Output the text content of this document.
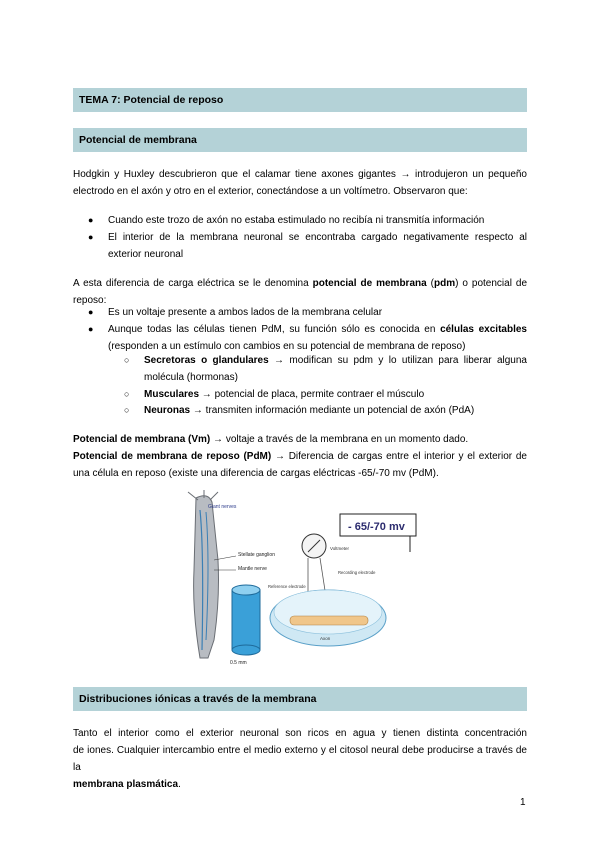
TEMA 7: Potencial de reposo
Potencial de membrana
Hodgkin y Huxley descubrieron que el calamar tiene axones gigantes → introdujeron un pequeño
electrodo en el axón y otro en el exterior, conectándose a un voltímetro. Observaron que:
● Cuando este trozo de axón no estaba estimulado no recibía ni transmitía información
● El interior de la membrana neuronal se encontraba cargado negativamente respecto al
exterior neuronal
A esta diferencia de carga eléctrica se le denomina potencial de membrana (pdm) o potencial de
reposo:
● Es un voltaje presente a ambos lados de la membrana celular
● Aunque todas las células tienen PdM, su función sólo es conocida en células excitables
(responden a un estímulo con cambios en su potencial de membrana de reposo)
○ Secretoras o glandulares → modifican su pdm y lo utilizan para liberar alguna
molécula (hormonas)
○ Musculares → potencial de placa, permite contraer el músculo
○ Neuronas → transmiten información mediante un potencial de axón (PdA)
Potencial de membrana (Vm) → voltaje a través de la membrana en un momento dado.
Potencial de membrana de reposo (PdM) → Diferencia de cargas entre el interior y el exterior de
una célula en reposo (existe una diferencia de cargas eléctricas -65/-70 mv (PdM).
Giant nerves
Stellate ganglion
Mantle nerve
0.5 mm
- 65/-70 mv
Voltmeter
Reference electrode
Recording electrode
Axon
Distribuciones iónicas a través de la membrana
Tanto el interior como el exterior neuronal son ricos en agua y tienen distinta concentración
de iones. Cualquier intercambio entre el medio externo y el citosol neural debe producirse a través de la
membrana plasmática.
1
